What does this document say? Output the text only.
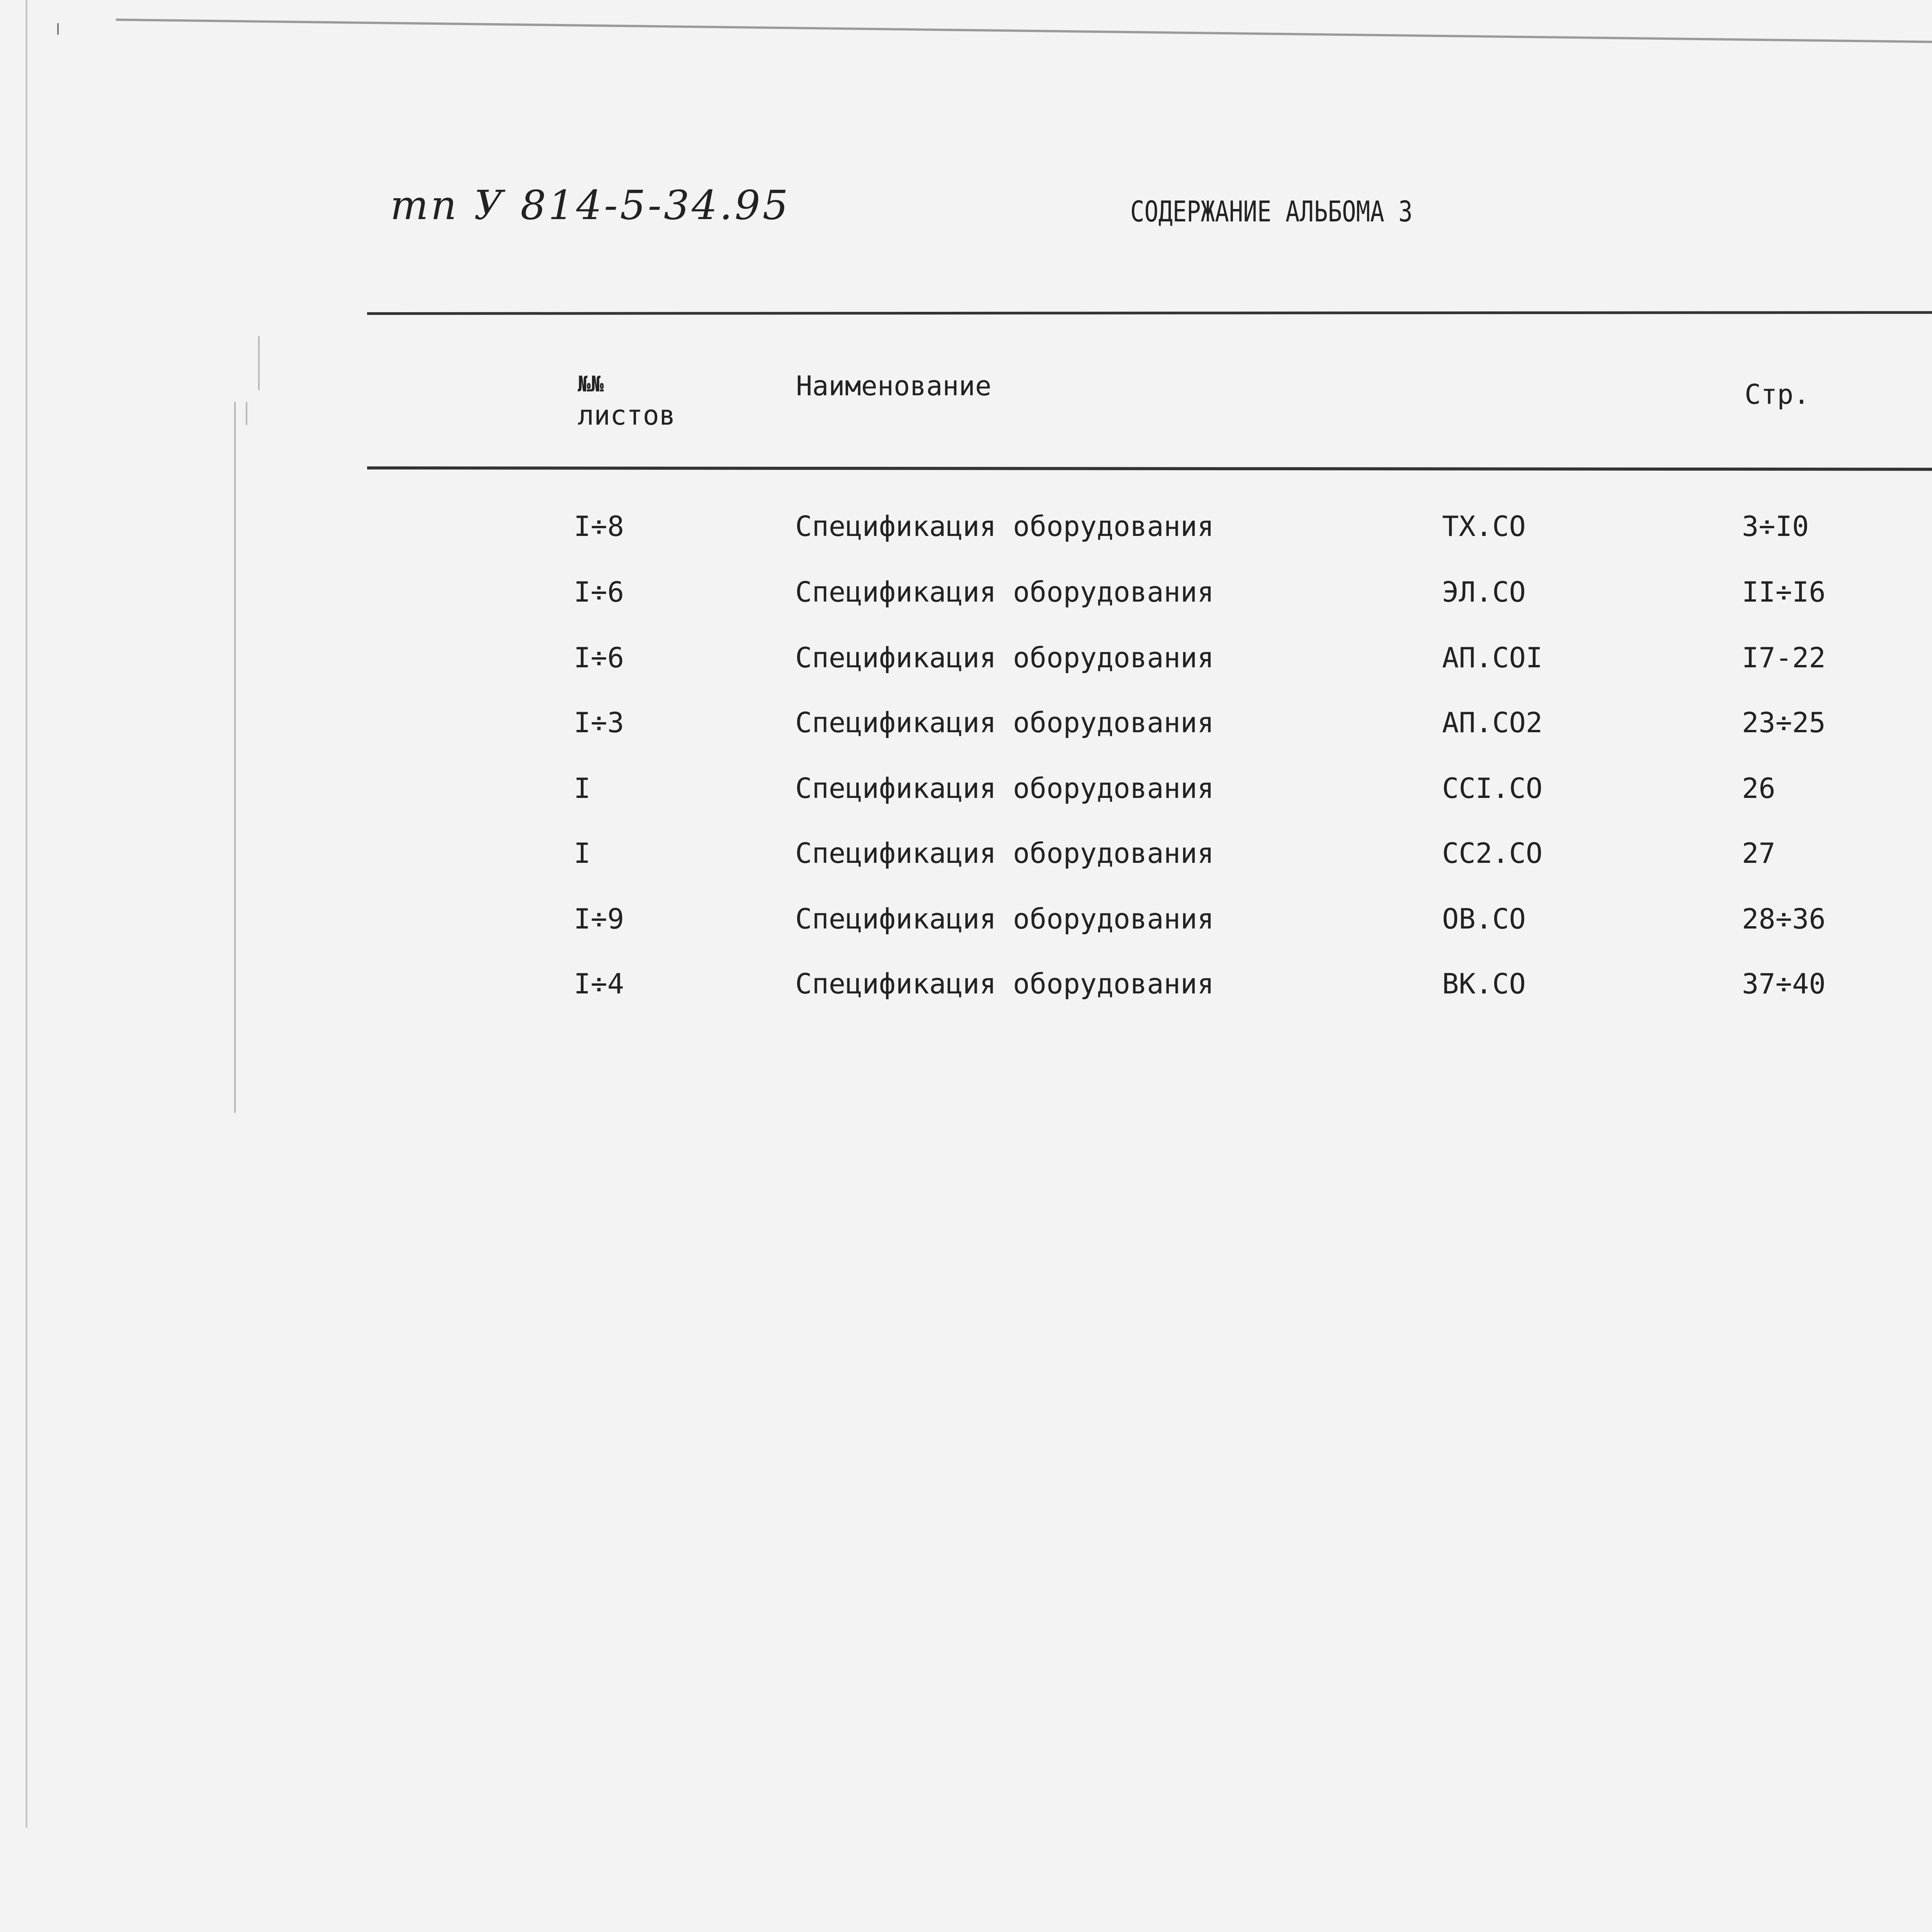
тп У 814-5-34.95	СОДЕРЖАНИЕ АЛЬБОМА 3
№№
листов
Наименование	Стр.
I÷8	Спецификация оборудования	ТХ.СО	3÷I0
I÷6	Спецификация оборудования	ЭЛ.СО	II÷I6
I÷6	Спецификация оборудования	АП.СОI	I7-22
I÷3	Спецификация оборудования	АП.СО2	23÷25
I	Спецификация оборудования	ССI.СО	26
I	Спецификация оборудования	СС2.СО	27
I÷9	Спецификация оборудования	ОВ.СО	28÷36
I÷4	Спецификация оборудования	ВК.СО	37÷40
